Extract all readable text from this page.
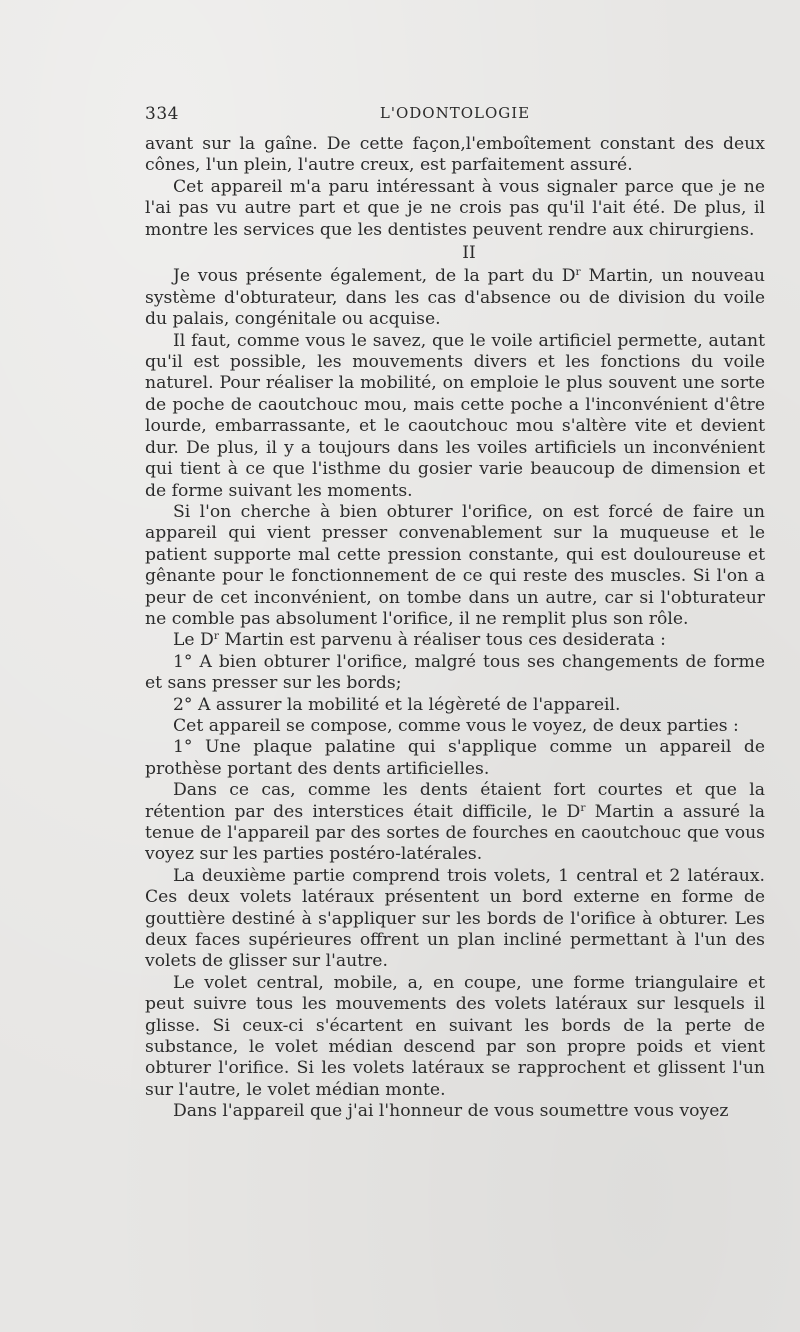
334	L'ODONTOLOGIE

avant sur la gaîne. De cette façon,l'emboîtement constant des deux cônes, l'un plein, l'autre creux, est parfaitement assuré.

Cet appareil m'a paru intéressant à vous signaler parce que je ne l'ai pas vu autre part et que je ne crois pas qu'il l'ait été. De plus, il montre les services que les dentistes peuvent rendre aux chirurgiens.

II

Je vous présente également, de la part du $D^r$ Martin, un nouveau système d'obturateur, dans les cas d'absence ou de division du voile du palais, congénitale ou acquise.

Il faut, comme vous le savez, que le voile artificiel permette, autant qu'il est possible, les mouvements divers et les fonctions du voile naturel. Pour réaliser la mobilité, on emploie le plus souvent une sorte de poche de caoutchouc mou, mais cette poche a l'inconvénient d'être lourde, embarrassante, et le caoutchouc mou s'altère vite et devient dur. De plus, il y a toujours dans les voiles artificiels un inconvénient qui tient à ce que l'isthme du gosier varie beaucoup de dimension et de forme suivant les moments.

Si l'on cherche à bien obturer l'orifice, on est forcé de faire un appareil qui vient presser convenablement sur la muqueuse et le patient supporte mal cette pression constante, qui est douloureuse et gênante pour le fonctionnement de ce qui reste des muscles. Si l'on a peur de cet inconvénient, on tombe dans un autre, car si l'obturateur ne comble pas absolument l'orifice, il ne remplit plus son rôle.

Le $D^r$ Martin est parvenu à réaliser tous ces desiderata :

1° A bien obturer l'orifice, malgré tous ses changements de forme et sans presser sur les bords;

2° A assurer la mobilité et la légèreté de l'appareil.

Cet appareil se compose, comme vous le voyez, de deux parties :

1° Une plaque palatine qui s'applique comme un appareil de prothèse portant des dents artificielles.

Dans ce cas, comme les dents étaient fort courtes et que la rétention par des interstices était difficile, le $D^r$ Martin a assuré la tenue de l'appareil par des sortes de fourches en caoutchouc que vous voyez sur les parties postéro-latérales.

La deuxième partie comprend trois volets, 1 central et 2 latéraux. Ces deux volets latéraux présentent un bord externe en forme de gouttière destiné à s'appliquer sur les bords de l'orifice à obturer. Les deux faces supérieures offrent un plan incliné permettant à l'un des volets de glisser sur l'autre.

Le volet central, mobile, a, en coupe, une forme triangulaire et peut suivre tous les mouvements des volets latéraux sur lesquels il glisse. Si ceux-ci s'écartent en suivant les bords de la perte de substance, le volet médian descend par son propre poids et vient obturer l'orifice. Si les volets latéraux se rapprochent et glissent l'un sur l'autre, le volet médian monte.

Dans l'appareil que j'ai l'honneur de vous soumettre vous voyez
